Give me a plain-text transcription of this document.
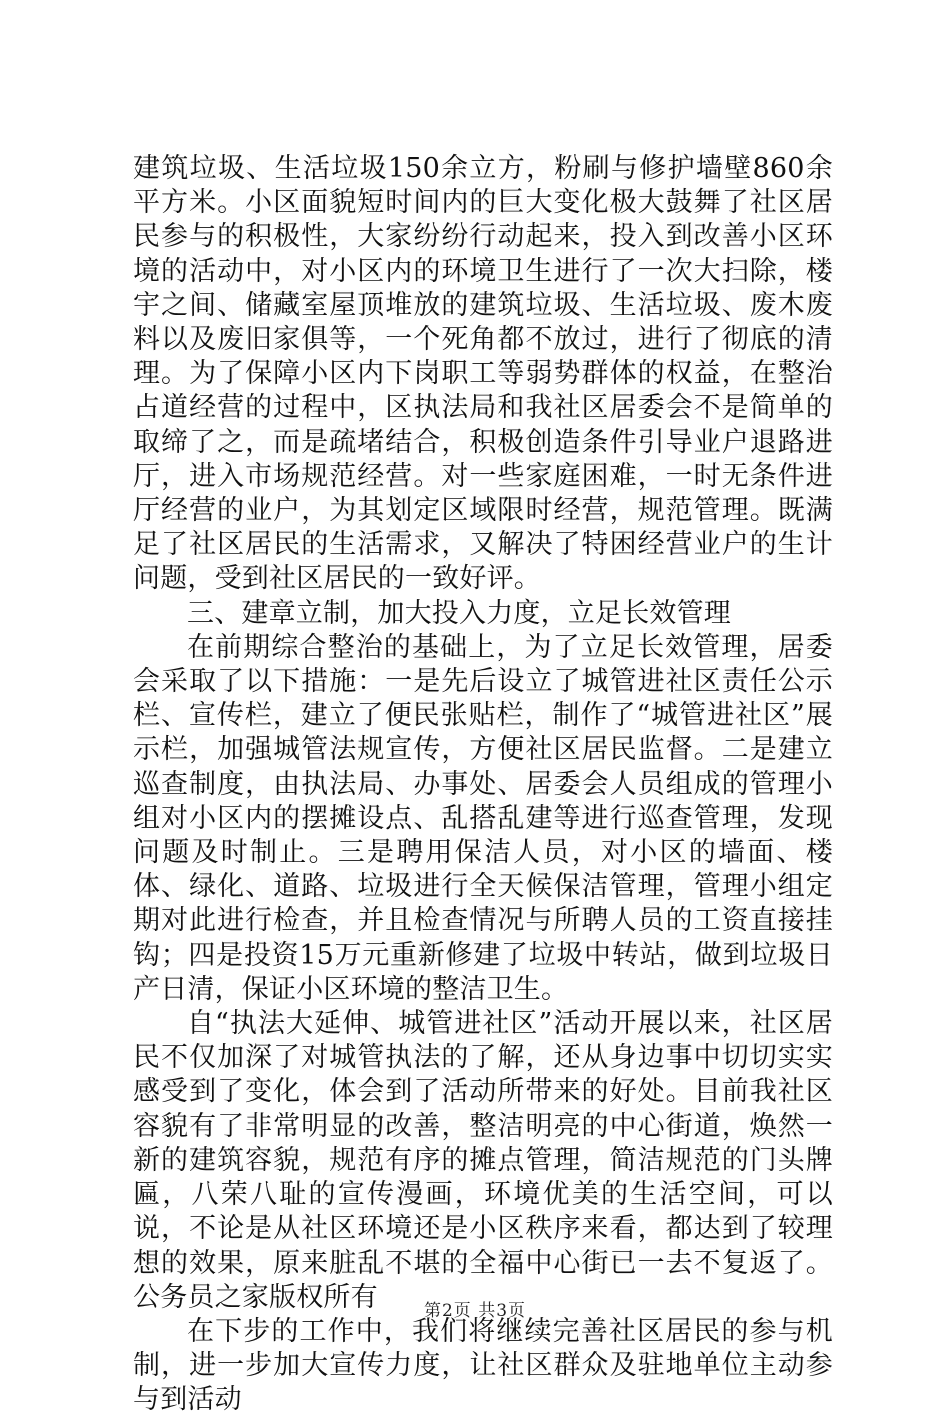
建筑垃圾、生活垃圾150余立方，粉刷与修护墙壁860余平方米。小区面貌短时间内的巨大变化极大鼓舞了社区居民参与的积极性，大家纷纷行动起来，投入到改善小区环境的活动中，对小区内的环境卫生进行了一次大扫除，楼宇之间、储藏室屋顶堆放的建筑垃圾、生活垃圾、废木废料以及废旧家俱等，一个死角都不放过，进行了彻底的清理。为了保障小区内下岗职工等弱势群体的权益，在整治占道经营的过程中，区执法局和我社区居委会不是简单的取缔了之，而是疏堵结合，积极创造条件引导业户退路进厅，进入市场规范经营。对一些家庭困难，一时无条件进厅经营的业户，为其划定区域限时经营，规范管理。既满足了社区居民的生活需求，又解决了特困经营业户的生计问题，受到社区居民的一致好评。

三、建章立制，加大投入力度，立足长效管理

在前期综合整治的基础上，为了立足长效管理，居委会采取了以下措施：一是先后设立了城管进社区责任公示栏、宣传栏，建立了便民张贴栏，制作了“城管进社区”展示栏，加强城管法规宣传，方便社区居民监督。二是建立巡查制度，由执法局、办事处、居委会人员组成的管理小组对小区内的摆摊设点、乱搭乱建等进行巡查管理，发现问题及时制止。三是聘用保洁人员，对小区的墙面、楼体、绿化、道路、垃圾进行全天候保洁管理，管理小组定期对此进行检查，并且检查情况与所聘人员的工资直接挂钩；四是投资15万元重新修建了垃圾中转站，做到垃圾日产日清，保证小区环境的整洁卫生。

自“执法大延伸、城管进社区”活动开展以来，社区居民不仅加深了对城管执法的了解，还从身边事中切切实实感受到了变化，体会到了活动所带来的好处。目前我社区容貌有了非常明显的改善，整洁明亮的中心街道，焕然一新的建筑容貌，规范有序的摊点管理，简洁规范的门头牌匾，八荣八耻的宣传漫画，环境优美的生活空间，可以说，不论是从社区环境还是小区秩序来看，都达到了较理想的效果，原来脏乱不堪的全福中心街已一去不复返了。公务员之家版权所有

在下步的工作中，我们将继续完善社区居民的参与机制，进一步加大宣传力度，让社区群众及驻地单位主动参与到活动

第2页 共3页
